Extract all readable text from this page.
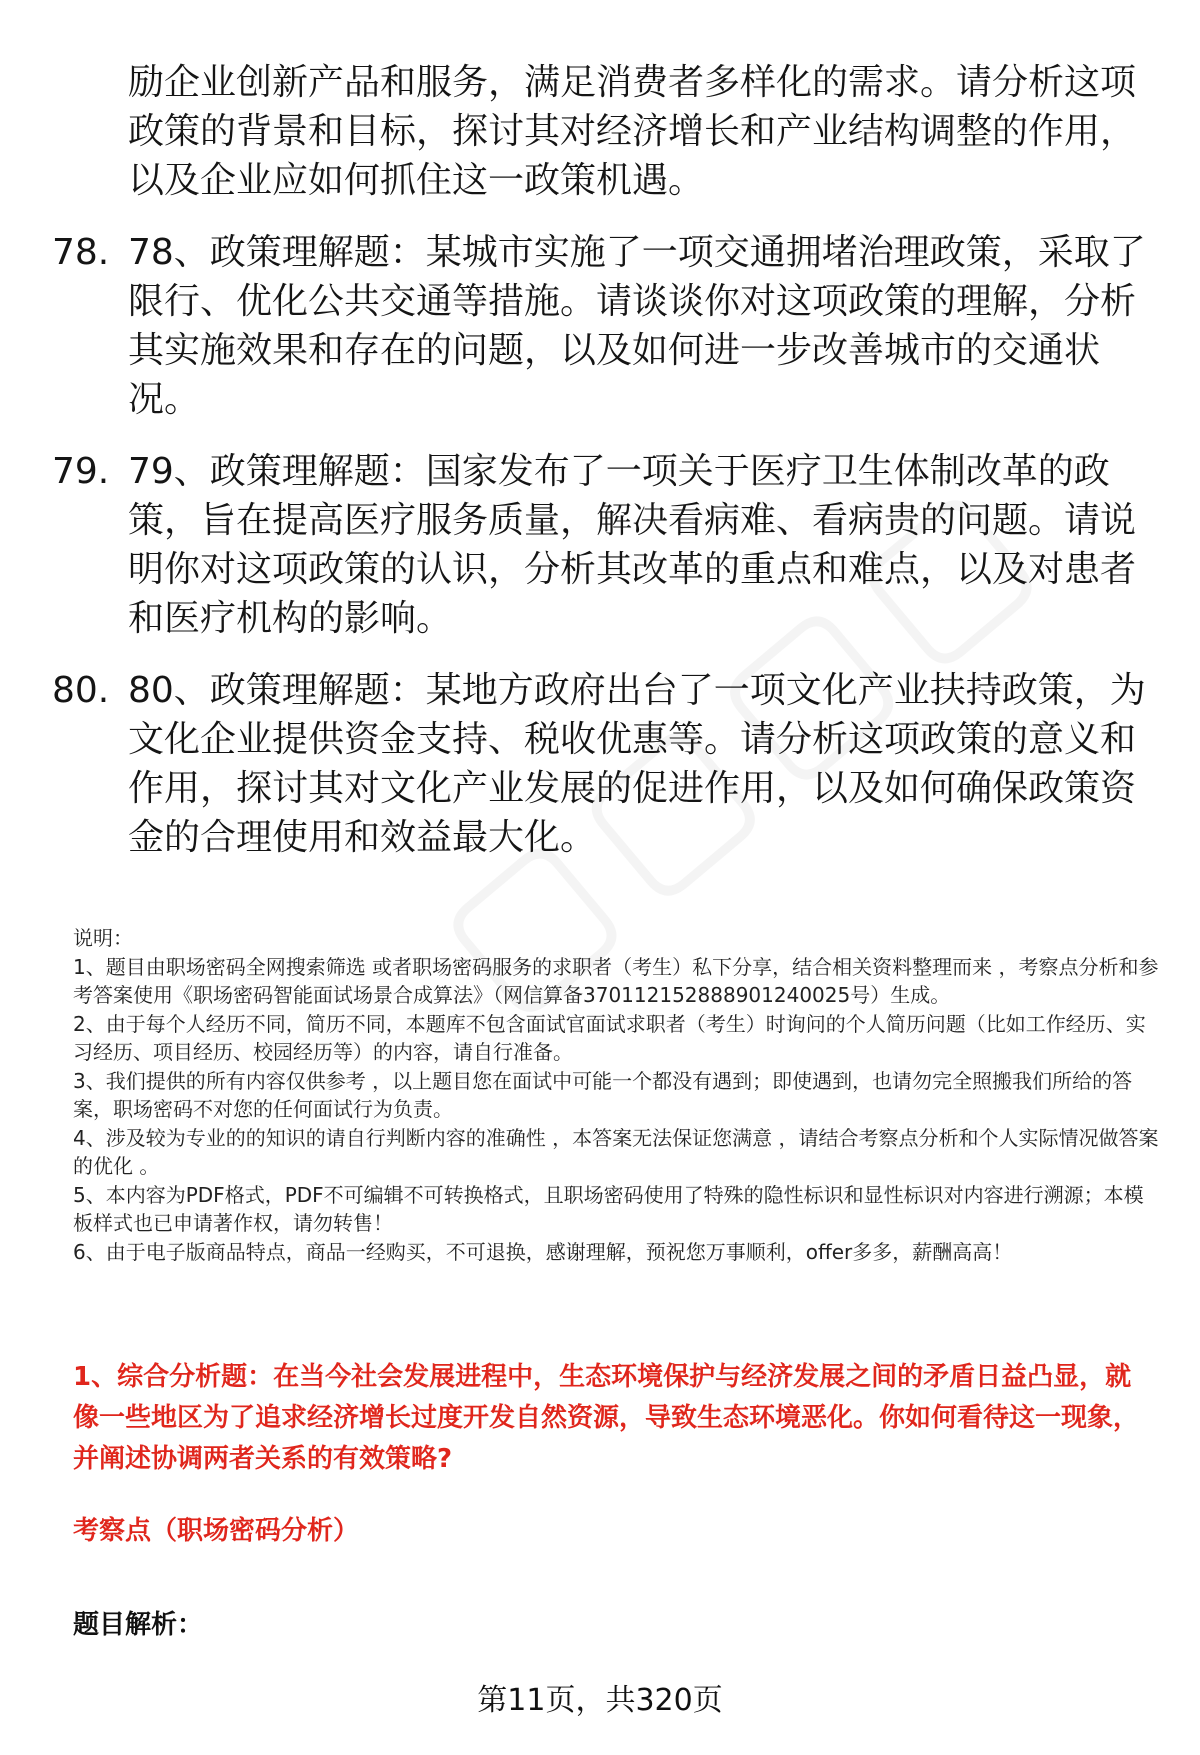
励企业创新产品和服务，满足消费者多样化的需求。请分析这项政策的背景和目标，探讨其对经济增长和产业结构调整的作用，以及企业应如何抓住这一政策机遇。
78. 78、政策理解题：某城市实施了一项交通拥堵治理政策，采取了限行、优化公共交通等措施。请谈谈你对这项政策的理解，分析其实施效果和存在的问题，以及如何进一步改善城市的交通状况。
79. 79、政策理解题：国家发布了一项关于医疗卫生体制改革的政策，旨在提高医疗服务质量，解决看病难、看病贵的问题。请说明你对这项政策的认识，分析其改革的重点和难点，以及对患者和医疗机构的影响。
80. 80、政策理解题：某地方政府出台了一项文化产业扶持政策，为文化企业提供资金支持、税收优惠等。请分析这项政策的意义和作用，探讨其对文化产业发展的促进作用，以及如何确保政策资金的合理使用和效益最大化。
说明：
1、题目由职场密码全网搜索筛选 或者职场密码服务的求职者（考生）私下分享，结合相关资料整理而来 ，考察点分析和参考答案使用《职场密码智能面试场景合成算法》（网信算备370112152888901240025号）生成。
2、由于每个人经历不同，简历不同，本题库不包含面试官面试求职者（考生）时询问的个人简历问题（比如工作经历、实习经历、项目经历、校园经历等）的内容，请自行准备。
3、我们提供的所有内容仅供参考 ，以上题目您在面试中可能一个都没有遇到；即使遇到，也请勿完全照搬我们所给的答案，职场密码不对您的任何面试行为负责。
4、涉及较为专业的的知识的请自行判断内容的准确性 ，本答案无法保证您满意 ，请结合考察点分析和个人实际情况做答案的优化 。
5、本内容为PDF格式，PDF不可编辑不可转换格式，且职场密码使用了特殊的隐性标识和显性标识对内容进行溯源；本模板样式也已申请著作权，请勿转售！
6、由于电子版商品特点，商品一经购买，不可退换，感谢理解，预祝您万事顺利，offer多多，薪酬高高！
1、综合分析题：在当今社会发展进程中，生态环境保护与经济发展之间的矛盾日益凸显，就像一些地区为了追求经济增长过度开发自然资源，导致生态环境恶化。你如何看待这一现象，并阐述协调两者关系的有效策略?
考察点（职场密码分析）
题目解析：
第11页，共320页
